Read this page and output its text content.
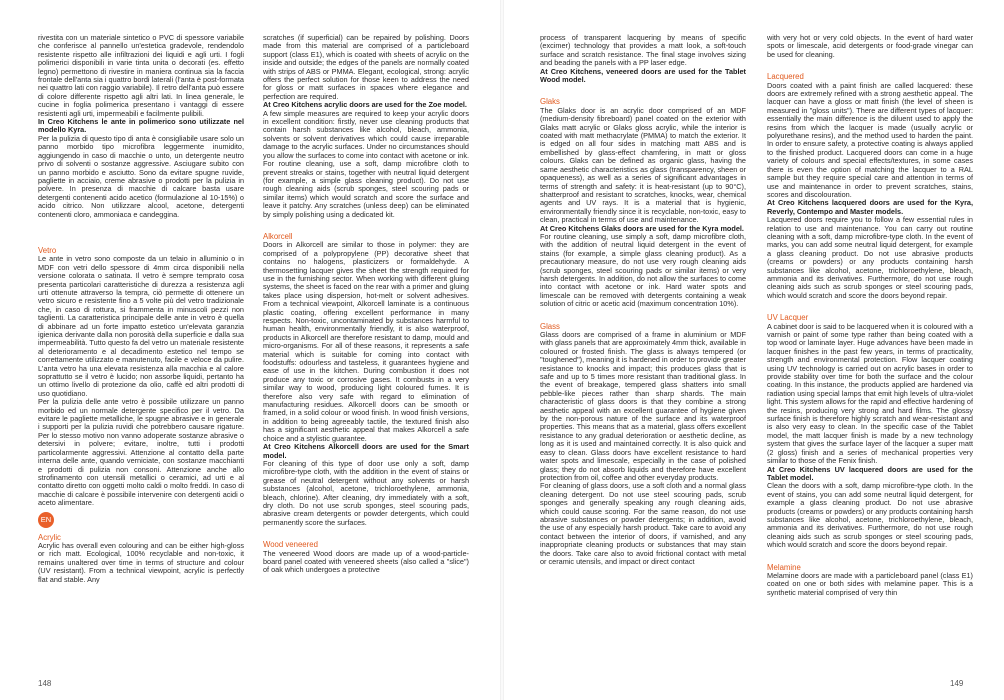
rivestita con un materiale sintetico o PVC di spessore variabile che conferisce al pannello un'estetica gradevole, rendendolo resistente rispetto alle infiltrazioni dei liquidi e agli urti. I fogli polimerici disponibili in varie tinta unita o decorati (es. effetto legno) permettono di rivestire in maniera continua sia la faccia frontale dell'anta sia i quattro bordi laterali (l'anta è post-formata nei quattro lati con raggio variabile). Il retro dell'anta può essere di colore differente rispetto agli altri lati. In linea generale, le cucine in foglia polimerica presentano i vantaggi di essere resistenti agli urti, impermeabili e facilmente pulibili.

In Creo Kitchens le ante in polimerico sono utilizzate nel modello Kyra.

Per la pulizia di questo tipo di anta è consigliabile usare solo un panno morbido tipo microfibra leggermente inumidito, aggiungendo in caso di macchie o unto, un detergente neutro privo di solventi o sostanze aggressive. Asciugare subito con un panno morbido e asciutto. Sono da evitare spugne ruvide, pagliette in acciaio, creme abrasive o prodotti per la pulizia in polvere. In presenza di macchie di calcare basta usare detergenti contenenti acido acetico (formulazione al 10-15%) o acido citrico. Non utilizzare alcool, acetone, detergenti contenenti cloro, ammoniaca e candeggina.

Vetro

Le ante in vetro sono composte da un telaio in alluminio o in MDF con vetri dello spessore di 4mm circa disponibili nella versione colorata o satinata. Il vetro è sempre temprato cosa presenta particolari caratteristiche di durezza a resistenza agli urti ottenute attraverso la tempra, ciò permette di ottenere un vetro sicuro e resistente fino a 5 volte più del vetro tradizionale che, in caso di rottura, si frammenta in minuscoli pezzi non taglienti. La caratteristica principale delle ante in vetro è quella di abbinare ad un forte impatto estetico un'elevata garanzia igienica derivante dalla non porosità della superficie e dalla sua impermeabilità. Tutto questo fa del vetro un materiale resistente al deterioramento e al decadimento estetico nel tempo se correttamente utilizzato e manutenuto, facile e veloce da pulire. L'anta vetro ha una elevata resistenza alla macchia e al calore soprattutto se il vetro è lucido; non assorbe liquidi, pertanto ha un ottimo livello di protezione da olio, caffè ed altri prodotti di uso quotidiano.

Per la pulizia delle ante vetro è possibile utilizzare un panno morbido ed un normale detergente specifico per il vetro. Da evitare le pagliette metalliche, le spugne abrasive e in generale i supporti per la pulizia ruvidi che potrebbero causare rigature. Per lo stesso motivo non vanno adoperate sostanze abrasive o detersivi in polvere; evitare, inoltre, tutti i prodotti particolarmente aggressivi. Attenzione al contatto della parte interna delle ante, quando verniciate, con sostanze macchianti e prodotti di pulizia non consoni. Attenzione anche allo strofinamento con utensili metallici o ceramici, ad urti e al contatto diretto con oggetti molto caldi o molto freddi. In caso di macchie di calcare è possibile intervenire con detergenti acidi o aceto alimentare.

EN

Acrylic

Acrylic has overall even colouring and can be either high-gloss or rich matt. Ecological, 100% recyclable and non-toxic, it remains unaltered over time in terms of structure and colour (UV resistant). From a technical viewpoint, acrylic is perfectly flat and stable. Any

scratches (if superficial) can be repaired by polishing. Doors made from this material are comprised of a particleboard support (class E1), which is coated with sheets of acrylic on the inside and outside; the edges of the panels are normally coated with strips of ABS or PMMA. Elegant, ecological, strong: acrylic offers the perfect solution for those keen to address the need for gloss or matt surfaces in spaces where elegance and perfection are required.

At Creo Kitchens acrylic doors are used for the Zoe model.

A few simple measures are required to keep your acrylic doors in excellent condition: firstly, never use cleaning products that contain harsh substances like alcohol, bleach, ammonia, solvents or solvent derivatives which could cause irreparable damage to the acrylic surfaces. Under no circumstances should you allow the surfaces to come into contact with acetone or ink. For routine cleaning, use a soft, damp microfibre cloth to prevent streaks or stains, together with neutral liquid detergent (for example, a simple glass cleaning product). Do not use rough cleaning aids (scrub sponges, steel scouring pads or similar items) which would scratch and score the surface and leave it patchy. Any scratches (unless deep) can be eliminated by simply polishing using a dedicated kit.

Alkorcell

Doors in Alkorcell are similar to those in polymer: they are comprised of a polypropylene (PP) decorative sheet that contains no halogens, plasticizers or formaldehyde. A thermosetting lacquer gives the sheet the strength required for use in the furnishing sector. When working with different gluing systems, the sheet is faced on the rear with a primer and gluing takes place using dispersion, hot-melt or solvent adhesives. From a technical viewpoint, Alkorcell laminate is a continuous plastic coating, offering excellent performance in many respects. Non-toxic, uncontaminated by substances harmful to human health, environmentally friendly, it is also waterproof, products in Alkorcell are therefore resistant to damp, mould and micro-organisms. For all of these reasons, it represents a safe material which is suitable for coming into contact with foodstuffs: odourless and tasteless, it guarantees hygiene and ease of use in the kitchen. During combustion it does not produce any toxic or corrosive gases. It combusts in a very similar way to wood, producing light coloured fumes. It is therefore also very safe with regard to elimination of manufacturing residues. Alkorcell doors can be smooth or framed, in a solid colour or wood finish. In wood finish versions, in addition to being agreeably tactile, the textured finish also has a significant aesthetic appeal that makes Alkorcell a safe choice and a stylistic guarantee.

At Creo Kitchens Alkorcell doors are used for the Smart model.

For cleaning of this type of door use only a soft, damp microfibre-type cloth, with the addition in the event of stains or grease of neutral detergent without any solvents or harsh substances (alcohol, acetone, trichloroethylene, ammonia, bleach, chlorine). After cleaning, dry immediately with a soft, dry cloth. Do not use scrub sponges, steel scouring pads, abrasive cream detergents or powder detergents, which could permanently score the surfaces.

Wood veneered

The veneered Wood doors are made up of a wood-particle-board panel coated with veneered sheets (also called a "slice") of oak which undergoes a protective

148

process of transparent lacquering by means of specific (excimer) technology that provides a matt look, a soft-touch surface and scratch resistance. The final stage involves sizing and beading the panels with a PP laser edge.

At Creo Kitchens, veneered doors are used for the Tablet Wood model.

Glaks

The Glaks door is an acrylic door comprised of an MDF (medium-density fibreboard) panel coated on the exterior with Glaks matt acrylic or Glaks gloss acrylic, while the interior is coated with matt methacrylate (PMMA) to match the exterior. It is edged on all four sides in matching matt ABS and is embellished by glass-effect chamfering, in matt or gloss colours. Glaks can be defined as organic glass, having the same aesthetic characteristics as glass (transparency, sheen or opaqueness), as well as a series of significant advantages in terms of strength and safety: it is heat-resistant (up to 90°C), shatterproof and resistant to scratches, knocks, wear, chemical agents and UV rays. It is a material that is hygienic, environmentally friendly since it is recyclable, non-toxic, easy to clean, practical in terms of use and maintenance.

At Creo Kitchens Glaks doors are used for the Kyra model.

For routine cleaning, use simply a soft, damp microfibre cloth, with the addition of neutral liquid detergent in the event of stains (for example, a simple glass cleaning product). As a precautionary measure, do not use very rough cleaning aids (scrub sponges, steel scouring pads or similar items) or very harsh detergents. In addition, do not allow the surfaces to come into contact with acetone or ink. Hard water spots and limescale can be removed with detergents containing a weak solution of citric or acetic acid (maximum concentration 10%).

Glass

Glass doors are comprised of a frame in aluminium or MDF with glass panels that are approximately 4mm thick, available in coloured or frosted finish. The glass is always tempered (or "toughened"), meaning it is hardened in order to provide greater resistance to knocks and impact; this produces glass that is safe and up to 5 times more resistant than traditional glass. In the event of breakage, tempered glass shatters into small pebble-like pieces rather than sharp shards. The main characteristic of glass doors is that they combine a strong aesthetic appeal with an excellent guarantee of hygiene given by the non-porous nature of the surface and its waterproof properties. This means that as a material, glass offers excellent resistance to any gradual deterioration or aesthetic decline, as long as it is used and maintained correctly. It is also quick and easy to clean. Glass doors have excellent resistance to hard water spots and limescale, especially in the case of polished glass; they do not absorb liquids and therefore have excellent protection from oil, coffee and other everyday products.

For cleaning of glass doors, use a soft cloth and a normal glass cleaning detergent. Do not use steel scouring pads, scrub sponges and generally speaking any rough cleaning aids, which could cause scoring. For the same reason, do not use abrasive substances or powder detergents; in addition, avoid the use of any especially harsh product. Take care to avoid any contact between the interior of doors, if varnished, and any inappropriate cleaning products or substances that may stain the doors. Take care also to avoid frictional contact with metal or ceramic utensils, and impact or direct contact

with very hot or very cold objects. In the event of hard water spots or limescale, acid detergents or food-grade vinegar can be used for cleaning.

Lacquered

Doors coated with a paint finish are called lacquered: these doors are extremely refined with a strong aesthetic appeal. The lacquer can have a gloss or matt finish (the level of sheen is measured in "gloss units"). There are different types of lacquer: essentially the main difference is the diluent used to apply the resins from which the lacquer is made (usually acrylic or polyurethane resins), and the method used to harden the paint. In order to ensure safety, a protective coating is always applied to the finished product. Lacquered doors can come in a huge variety of colours and special effects/textures, in some cases there is even the option of matching the lacquer to a RAL sample but they require special care and attention in terms of use and maintenance in order to prevent scratches, stains, scores and discolouration.

At Creo Kitchens lacquered doors are used for the Kyra, Reverly, Contempo and Master models.

Lacquered doors require you to follow a few essential rules in relation to use and maintenance. You can carry out routine cleaning with a soft, damp microfibre-type cloth. In the event of marks, you can add some neutral liquid detergent, for example a glass cleaning product. Do not use abrasive products (creams or powders) or any products containing harsh substances like alcohol, acetone, trichloroethylene, bleach, ammonia and its derivatives. Furthermore, do not use rough cleaning aids such as scrub sponges or steel scouring pads, which would scratch and score the doors beyond repair.

UV Lacquer

A cabinet door is said to be lacquered when it is coloured with a varnish or paint of some type rather than being coated with a top wood or laminate layer. Huge advances have been made in lacquer finishes in the past few years, in terms of practicality, strength and environmental protection. Flow lacquer coating using UV technology is carried out on acrylic bases in order to provide stability over time for both the surface and the colour coating. In this instance, the products applied are hardened via radiation using special lamps that emit high levels of ultra-violet light. This system allows for the rapid and effective hardening of the resins, producing very strong and hard films. The glossy surface finish is therefore highly scratch and wear-resistant and is also very easy to clean. In the specific case of the Tablet model, the matt lacquer finish is made by a new technology system that gives the surface layer of the lacquer a super matt (2 gloss) finish and a series of mechanical properties very similar to those of the Fenix finish.

At Creo Kitchens UV lacquered doors are used for the Tablet model.

Clean the doors with a soft, damp microfibre-type cloth. In the event of stains, you can add some neutral liquid detergent, for example a glass cleaning product. Do not use abrasive products (creams or powders) or any products containing harsh substances like alcohol, acetone, trichloroethylene, bleach, ammonia and its derivatives. Furthermore, do not use rough cleaning aids such as scrub sponges or steel scouring pads, which would scratch and score the doors beyond repair.

Melamine

Melamine doors are made with a particleboard panel (class E1) coated on one or both sides with melamine paper. This is a synthetic material comprised of very thin

149
